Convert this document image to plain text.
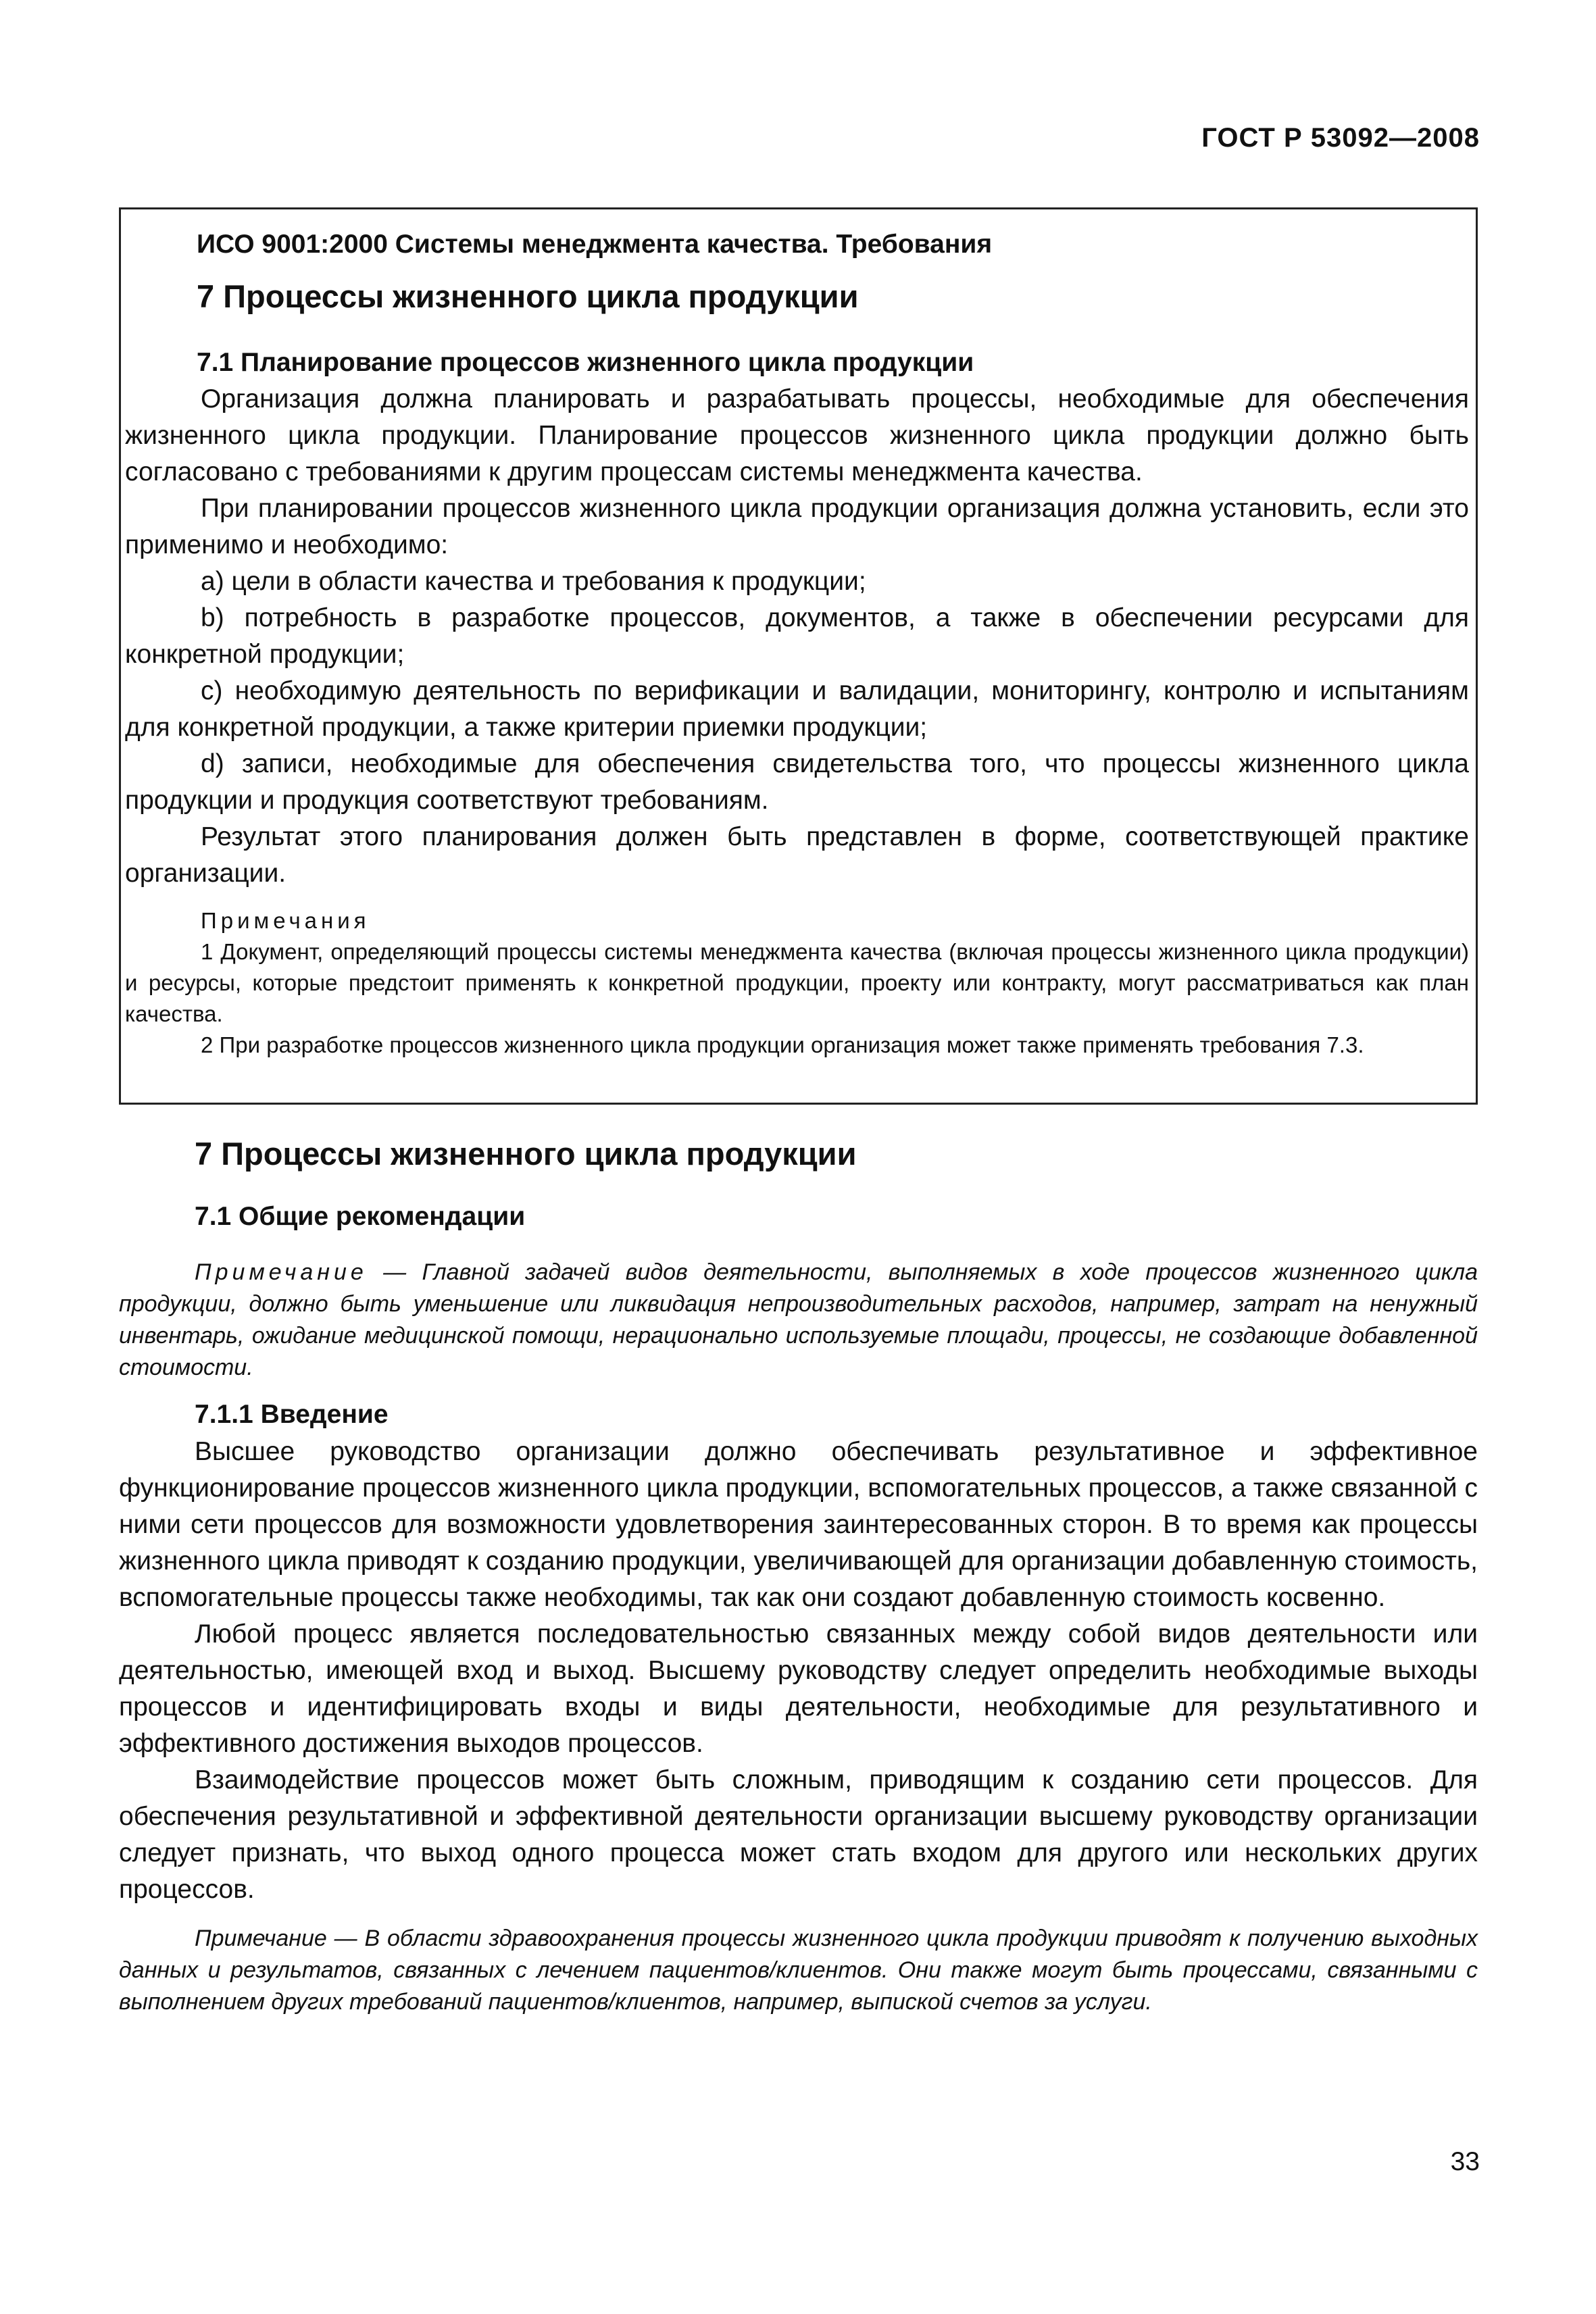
ГОСТ Р 53092—2008

ИСО 9001:2000 Системы менеджмента качества. Требования

7 Процессы жизненного цикла продукции

7.1 Планирование процессов жизненного цикла продукции

Организация должна планировать и разрабатывать процессы, необходимые для обеспечения жизненного цикла продукции. Планирование процессов жизненного цикла продукции должно быть согласовано с требованиями к другим процессам системы менеджмента качества.

При планировании процессов жизненного цикла продукции организация должна установить, если это применимо и необходимо:

a) цели в области качества и требования к продукции;

b) потребность в разработке процессов, документов, а также в обеспечении ресурсами для конкретной продукции;

c) необходимую деятельность по верификации и валидации, мониторингу, контролю и испытаниям для конкретной продукции, а также критерии приемки продукции;

d) записи, необходимые для обеспечения свидетельства того, что процессы жизненного цикла продукции и продукция соответствуют требованиям.

Результат этого планирования должен быть представлен в форме, соответствующей практике организации.

Примечания

1 Документ, определяющий процессы системы менеджмента качества (включая процессы жизненного цикла продукции) и ресурсы, которые предстоит применять к конкретной продукции, проекту или контракту, могут рассматриваться как план качества.

2 При разработке процессов жизненного цикла продукции организация может также применять требования 7.3.

7 Процессы жизненного цикла продукции

7.1 Общие рекомендации

Примечание — Главной задачей видов деятельности, выполняемых в ходе процессов жизненного цикла продукции, должно быть уменьшение или ликвидация непроизводительных расходов, например, затрат на ненужный инвентарь, ожидание медицинской помощи, нерационально используемые площади, процессы, не создающие добавленной стоимости.

7.1.1 Введение

Высшее руководство организации должно обеспечивать результативное и эффективное функционирование процессов жизненного цикла продукции, вспомогательных процессов, а также связанной с ними сети процессов для возможности удовлетворения заинтересованных сторон. В то время как процессы жизненного цикла приводят к созданию продукции, увеличивающей для организации добавленную стоимость, вспомогательные процессы также необходимы, так как они создают добавленную стоимость косвенно.

Любой процесс является последовательностью связанных между собой видов деятельности или деятельностью, имеющей вход и выход. Высшему руководству следует определить необходимые выходы процессов и идентифицировать входы и виды деятельности, необходимые для результативного и эффективного достижения выходов процессов.

Взаимодействие процессов может быть сложным, приводящим к созданию сети процессов. Для обеспечения результативной и эффективной деятельности организации высшему руководству организации следует признать, что выход одного процесса может стать входом для другого или нескольких других процессов.

Примечание — В области здравоохранения процессы жизненного цикла продукции приводят к получению выходных данных и результатов, связанных с лечением пациентов/клиентов. Они также могут быть процессами, связанными с выполнением других требований пациентов/клиентов, например, выпиской счетов за услуги.

33
